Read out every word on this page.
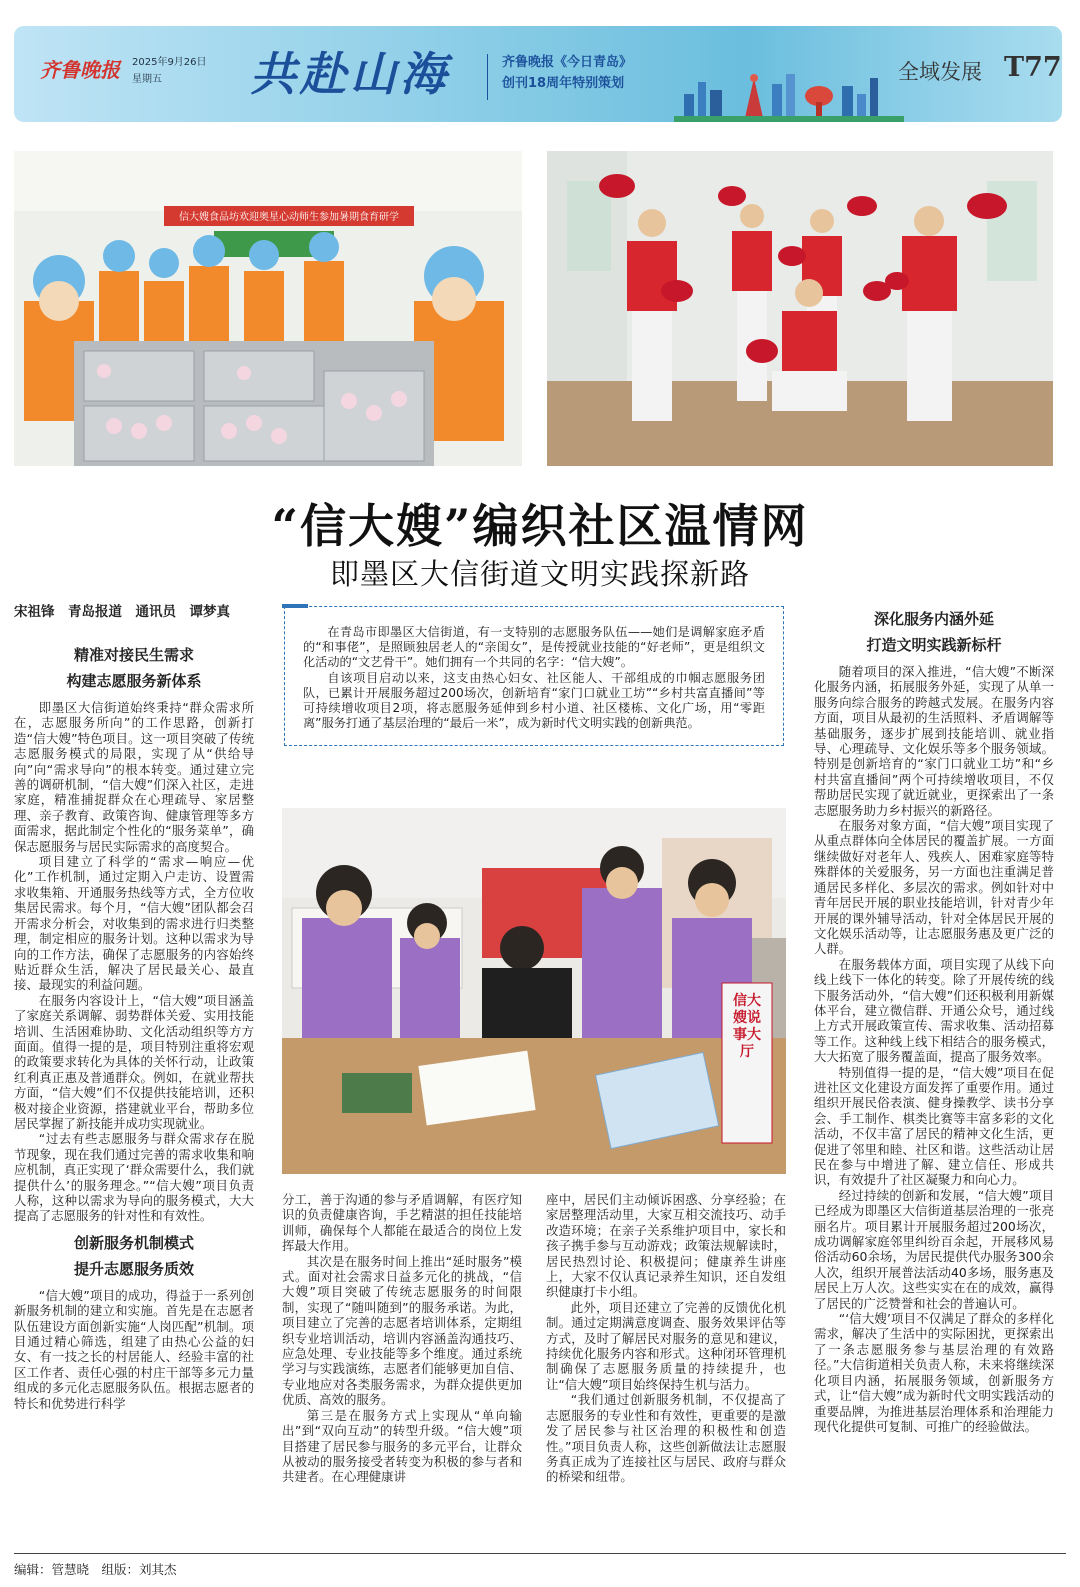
齐鲁晚报 2025年9月26日
星期五	共赴山海	齐鲁晚报《今日青岛》
创刊18周年特别策划	全域发展 T77
信大嫂食品坊欢迎奥星心动师生参加暑期食育研学
“信大嫂”编织社区温情网
即墨区大信街道文明实践探新路
宋祖锋　青岛报道　通讯员　谭梦真

在青岛市即墨区大信街道，有一支特别的志愿服务队伍——她们是调解家庭矛盾的“和事佬”，是照顾独居老人的“亲闺女”，是传授就业技能的“好老师”，更是组织文化活动的“文艺骨干”。她们拥有一个共同的名字：“信大嫂”。

自该项目启动以来，这支由热心妇女、社区能人、干部组成的巾帼志愿服务团队，已累计开展服务超过200场次，创新培育“家门口就业工坊”“乡村共富直播间”等可持续增收项目2项，将志愿服务延伸到乡村小道、社区楼栋、文化广场，用“零距离”服务打通了基层治理的“最后一米”，成为新时代文明实践的创新典范。

精准对接民生需求
构建志愿服务新体系

即墨区大信街道始终秉持“群众需求所在，志愿服务所向”的工作思路，创新打造“信大嫂”特色项目。这一项目突破了传统志愿服务模式的局限，实现了从“供给导向”向“需求导向”的根本转变。通过建立完善的调研机制，“信大嫂”们深入社区，走进家庭，精准捕捉群众在心理疏导、家居整理、亲子教育、政策咨询、健康管理等多方面需求，据此制定个性化的“服务菜单”，确保志愿服务与居民实际需求的高度契合。

项目建立了科学的“需求—响应—优化”工作机制，通过定期入户走访、设置需求收集箱、开通服务热线等方式，全方位收集居民需求。每个月，“信大嫂”团队都会召开需求分析会，对收集到的需求进行归类整理，制定相应的服务计划。这种以需求为导向的工作方法，确保了志愿服务的内容始终贴近群众生活，解决了居民最关心、最直接、最现实的利益问题。

在服务内容设计上，“信大嫂”项目涵盖了家庭关系调解、弱势群体关爱、实用技能培训、生活困难协助、文化活动组织等方方面面。值得一提的是，项目特别注重将宏观的政策要求转化为具体的关怀行动，让政策红利真正惠及普通群众。例如，在就业帮扶方面，“信大嫂”们不仅提供技能培训，还积极对接企业资源，搭建就业平台，帮助多位居民掌握了新技能并成功实现就业。

“过去有些志愿服务与群众需求存在脱节现象，现在我们通过完善的需求收集和响应机制，真正实现了‘群众需要什么，我们就提供什么’的服务理念。”“信大嫂”项目负责人称，这种以需求为导向的服务模式，大大提高了志愿服务的针对性和有效性。

创新服务机制模式
提升志愿服务质效

“信大嫂”项目的成功，得益于一系列创新服务机制的建立和实施。首先是在志愿者队伍建设方面创新实施“人岗匹配”机制。项目通过精心筛选，组建了由热心公益的妇女、有一技之长的村居能人、经验丰富的社区工作者、责任心强的村庄干部等多元力量组成的多元化志愿服务队伍。根据志愿者的特长和优势进行科学

信大嫂说事大厅

分工，善于沟通的参与矛盾调解，有医疗知识的负责健康咨询，手艺精湛的担任技能培训师，确保每个人都能在最适合的岗位上发挥最大作用。

其次是在服务时间上推出“延时服务”模式。面对社会需求日益多元化的挑战，“信大嫂”项目突破了传统志愿服务的时间限制，实现了“随叫随到”的服务承诺。为此，项目建立了完善的志愿者培训体系，定期组织专业培训活动，培训内容涵盖沟通技巧、应急处理、专业技能等多个维度。通过系统学习与实践演练，志愿者们能够更加自信、专业地应对各类服务需求，为群众提供更加优质、高效的服务。

第三是在服务方式上实现从“单向输出”到“双向互动”的转型升级。“信大嫂”项目搭建了居民参与服务的多元平台，让群众从被动的服务接受者转变为积极的参与者和共建者。在心理健康讲

座中，居民们主动倾诉困惑、分享经验；在家居整理活动里，大家互相交流技巧、动手改造环境；在亲子关系维护项目中，家长和孩子携手参与互动游戏；政策法规解读时，居民热烈讨论、积极提问；健康养生讲座上，大家不仅认真记录养生知识，还自发组织健康打卡小组。

此外，项目还建立了完善的反馈优化机制。通过定期满意度调查、服务效果评估等方式，及时了解居民对服务的意见和建议，持续优化服务内容和形式。这种闭环管理机制确保了志愿服务质量的持续提升，也让“信大嫂”项目始终保持生机与活力。

“我们通过创新服务机制，不仅提高了志愿服务的专业性和有效性，更重要的是激发了居民参与社区治理的积极性和创造性。”项目负责人称，这些创新做法让志愿服务真正成为了连接社区与居民、政府与群众的桥梁和纽带。

深化服务内涵外延
打造文明实践新标杆

随着项目的深入推进，“信大嫂”不断深化服务内涵，拓展服务外延，实现了从单一服务向综合服务的跨越式发展。在服务内容方面，项目从最初的生活照料、矛盾调解等基础服务，逐步扩展到技能培训、就业指导、心理疏导、文化娱乐等多个服务领域。特别是创新培育的“家门口就业工坊”和“乡村共富直播间”两个可持续增收项目，不仅帮助居民实现了就近就业，更探索出了一条志愿服务助力乡村振兴的新路径。

在服务对象方面，“信大嫂”项目实现了从重点群体向全体居民的覆盖扩展。一方面继续做好对老年人、残疾人、困难家庭等特殊群体的关爱服务，另一方面也注重满足普通居民多样化、多层次的需求。例如针对中青年居民开展的职业技能培训，针对青少年开展的课外辅导活动，针对全体居民开展的文化娱乐活动等，让志愿服务惠及更广泛的人群。

在服务载体方面，项目实现了从线下向线上线下一体化的转变。除了开展传统的线下服务活动外，“信大嫂”们还积极利用新媒体平台，建立微信群、开通公众号，通过线上方式开展政策宣传、需求收集、活动招募等工作。这种线上线下相结合的服务模式，大大拓宽了服务覆盖面，提高了服务效率。

特别值得一提的是，“信大嫂”项目在促进社区文化建设方面发挥了重要作用。通过组织开展民俗表演、健身操教学、读书分享会、手工制作、棋类比赛等丰富多彩的文化活动，不仅丰富了居民的精神文化生活，更促进了邻里和睦、社区和谐。这些活动让居民在参与中增进了解、建立信任、形成共识，有效提升了社区凝聚力和向心力。

经过持续的创新和发展，“信大嫂”项目已经成为即墨区大信街道基层治理的一张亮丽名片。项目累计开展服务超过200场次，成功调解家庭邻里纠纷百余起，开展移风易俗活动60余场，为居民提供代办服务300余人次，组织开展普法活动40多场，服务惠及居民上万人次。这些实实在在的成效，赢得了居民的广泛赞誉和社会的普遍认可。

“‘信大嫂’项目不仅满足了群众的多样化需求，解决了生活中的实际困扰，更探索出了一条志愿服务参与基层治理的有效路径。”大信街道相关负责人称，未来将继续深化项目内涵，拓展服务领域，创新服务方式，让“信大嫂”成为新时代文明实践活动的重要品牌，为推进基层治理体系和治理能力现代化提供可复制、可推广的经验做法。

编辑：管慧晓　组版：刘其杰
